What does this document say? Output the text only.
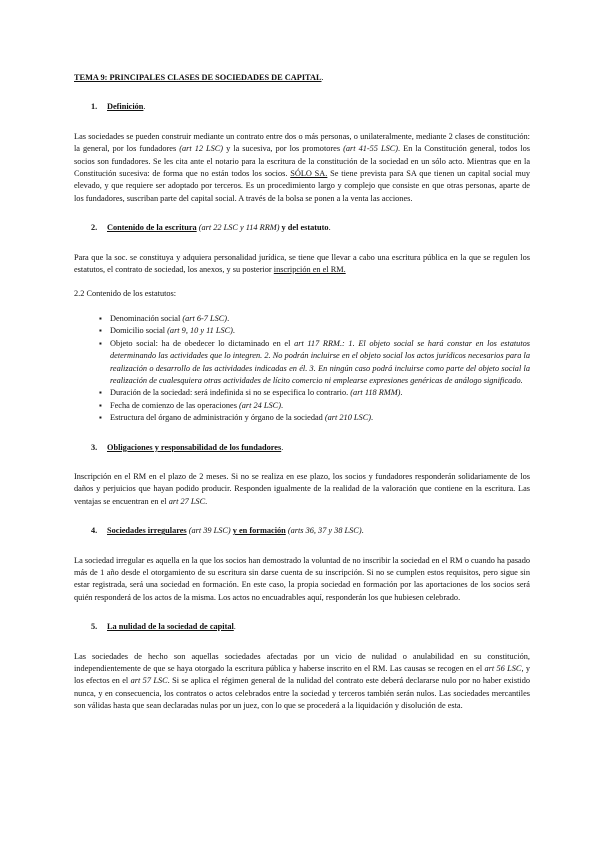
TEMA 9: PRINCIPALES CLASES DE SOCIEDADES DE CAPITAL.

1. Definición.

Las sociedades se pueden construir mediante un contrato entre dos o más personas, o unilateralmente, mediante 2 clases de constitución: la general, por los fundadores (art 12 LSC) y la sucesiva, por los promotores (art 41-55 LSC). En la Constitución general, todos los socios son fundadores. Se les cita ante el notario para la escritura de la constitución de la sociedad en un sólo acto. Mientras que en la Constitución sucesiva: de forma que no están todos los socios. SÓLO SA. Se tiene prevista para SA que tienen un capital social muy elevado, y que requiere ser adoptado por terceros. Es un procedimiento largo y complejo que consiste en que otras personas, aparte de los fundadores, suscriban parte del capital social. A través de la bolsa se ponen a la venta las acciones.

2. Contenido de la escritura (art 22 LSC y 114 RRM) y del estatuto.

Para que la soc. se constituya y adquiera personalidad jurídica, se tiene que llevar a cabo una escritura pública en la que se regulen los estatutos, el contrato de sociedad, los anexos, y su posterior inscripción en el RM.

2.2 Contenido de los estatutos:

▪ Denominación social (art 6-7 LSC).
▪ Domicilio social (art 9, 10 y 11 LSC).
▪ Objeto social: ha de obedecer lo dictaminado en el art 117 RRM.: 1. El objeto social se hará constar en los estatutos determinando las actividades que lo integren. 2. No podrán incluirse en el objeto social los actos jurídicos necesarios para la realización o desarrollo de las actividades indicadas en él. 3. En ningún caso podrá incluirse como parte del objeto social la realización de cualesquiera otras actividades de lícito comercio ni emplearse expresiones genéricas de análogo significado.
▪ Duración de la sociedad: será indefinida si no se especifica lo contrario. (art 118 RMM).
▪ Fecha de comienzo de las operaciones (art 24 LSC).
▪ Estructura del órgano de administración y órgano de la sociedad (art 210 LSC).

3. Obligaciones y responsabilidad de los fundadores.

Inscripción en el RM en el plazo de 2 meses. Si no se realiza en ese plazo, los socios y fundadores responderán solidariamente de los daños y perjuicios que hayan podido producir. Responden igualmente de la realidad de la valoración que contiene en la escritura. Las ventajas se encuentran en el art 27 LSC.

4. Sociedades irregulares (art 39 LSC) y en formación (arts 36, 37 y 38 LSC).

La sociedad irregular es aquella en la que los socios han demostrado la voluntad de no inscribir la sociedad en el RM o cuando ha pasado más de 1 año desde el otorgamiento de su escritura sin darse cuenta de su inscripción. Si no se cumplen estos requisitos, pero sigue sin estar registrada, será una sociedad en formación. En este caso, la propia sociedad en formación por las aportaciones de los socios será quién responderá de los actos de la misma. Los actos no encuadrables aquí, responderán los que hubiesen celebrado.

5. La nulidad de la sociedad de capital.

Las sociedades de hecho son aquellas sociedades afectadas por un vicio de nulidad o anulabilidad en su constitución, independientemente de que se haya otorgado la escritura pública y haberse inscrito en el RM. Las causas se recogen en el art 56 LSC, y los efectos en el art 57 LSC. Si se aplica el régimen general de la nulidad del contrato este deberá declararse nulo por no haber existido nunca, y en consecuencia, los contratos o actos celebrados entre la sociedad y terceros también serán nulos. Las sociedades mercantiles son válidas hasta que sean declaradas nulas por un juez, con lo que se procederá a la liquidación y disolución de esta.
